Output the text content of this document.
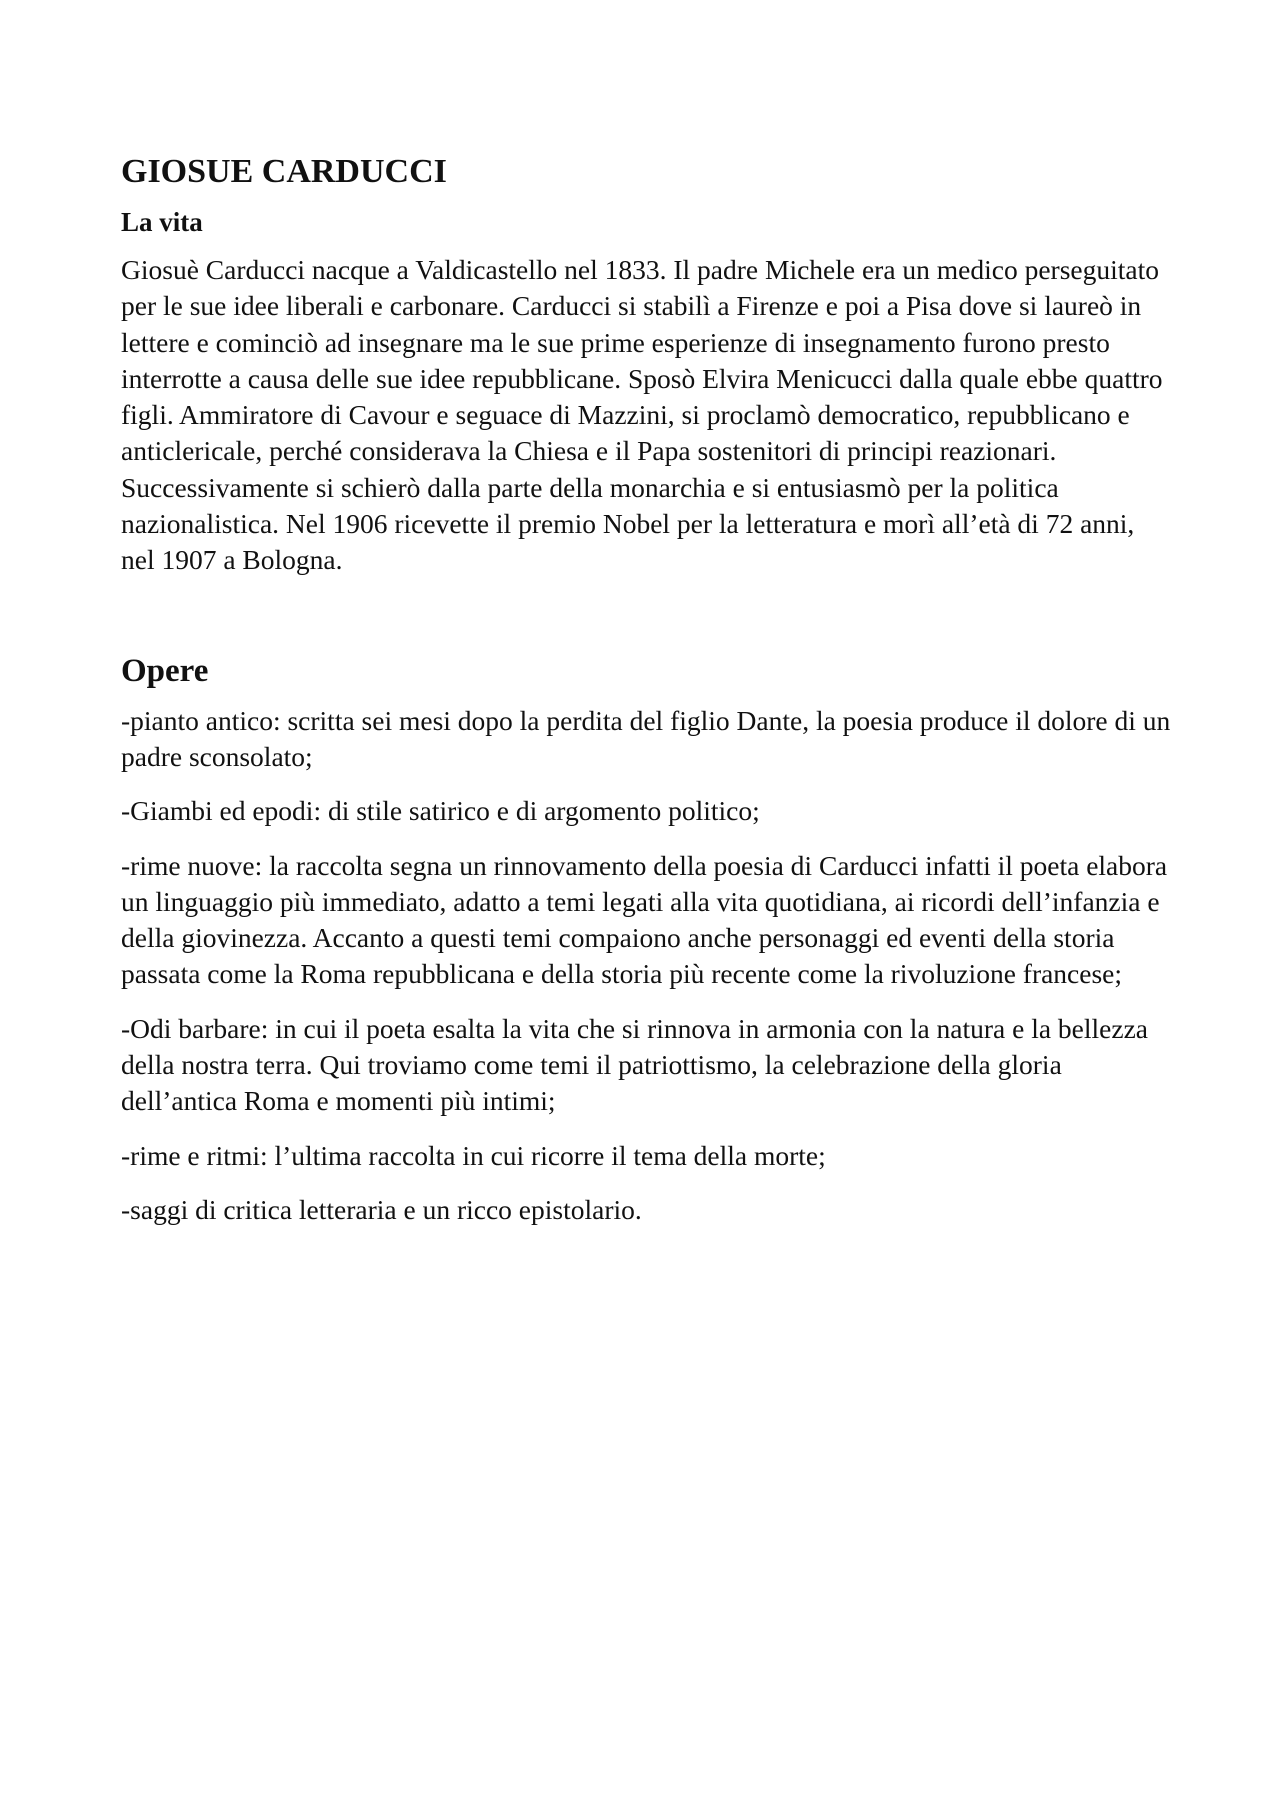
GIOSUE CARDUCCI
La vita

Giosuè Carducci nacque a Valdicastello nel 1833. Il padre Michele era un medico perseguitato per le sue idee liberali e carbonare. Carducci si stabilì a Firenze e poi a Pisa dove si laureò in lettere e cominciò ad insegnare ma le sue prime esperienze di insegnamento furono presto interrotte a causa delle sue idee repubblicane. Sposò Elvira Menicucci dalla quale ebbe quattro figli. Ammiratore di Cavour e seguace di Mazzini, si proclamò democratico, repubblicano e anticlericale, perché considerava la Chiesa e il Papa sostenitori di principi reazionari. Successivamente si schierò dalla parte della monarchia e si entusiasmò per la politica nazionalistica. Nel 1906 ricevette il premio Nobel per la letteratura e morì all’età di 72 anni, nel 1907 a Bologna.

Opere
-pianto antico: scritta sei mesi dopo la perdita del figlio Dante, la poesia produce il dolore di un padre sconsolato;
-Giambi ed epodi: di stile satirico e di argomento politico;
-rime nuove: la raccolta segna un rinnovamento della poesia di Carducci infatti il poeta elabora un linguaggio più immediato, adatto a temi legati alla vita quotidiana, ai ricordi dell’infanzia e della giovinezza. Accanto a questi temi compaiono anche personaggi ed eventi della storia passata come la Roma repubblicana e della storia più recente come la rivoluzione francese;
-Odi barbare: in cui il poeta esalta la vita che si rinnova in armonia con la natura e la bellezza della nostra terra. Qui troviamo come temi il patriottismo, la celebrazione della gloria dell’antica Roma e momenti più intimi;
-rime e ritmi: l’ultima raccolta in cui ricorre il tema della morte;
-saggi di critica letteraria e un ricco epistolario.
